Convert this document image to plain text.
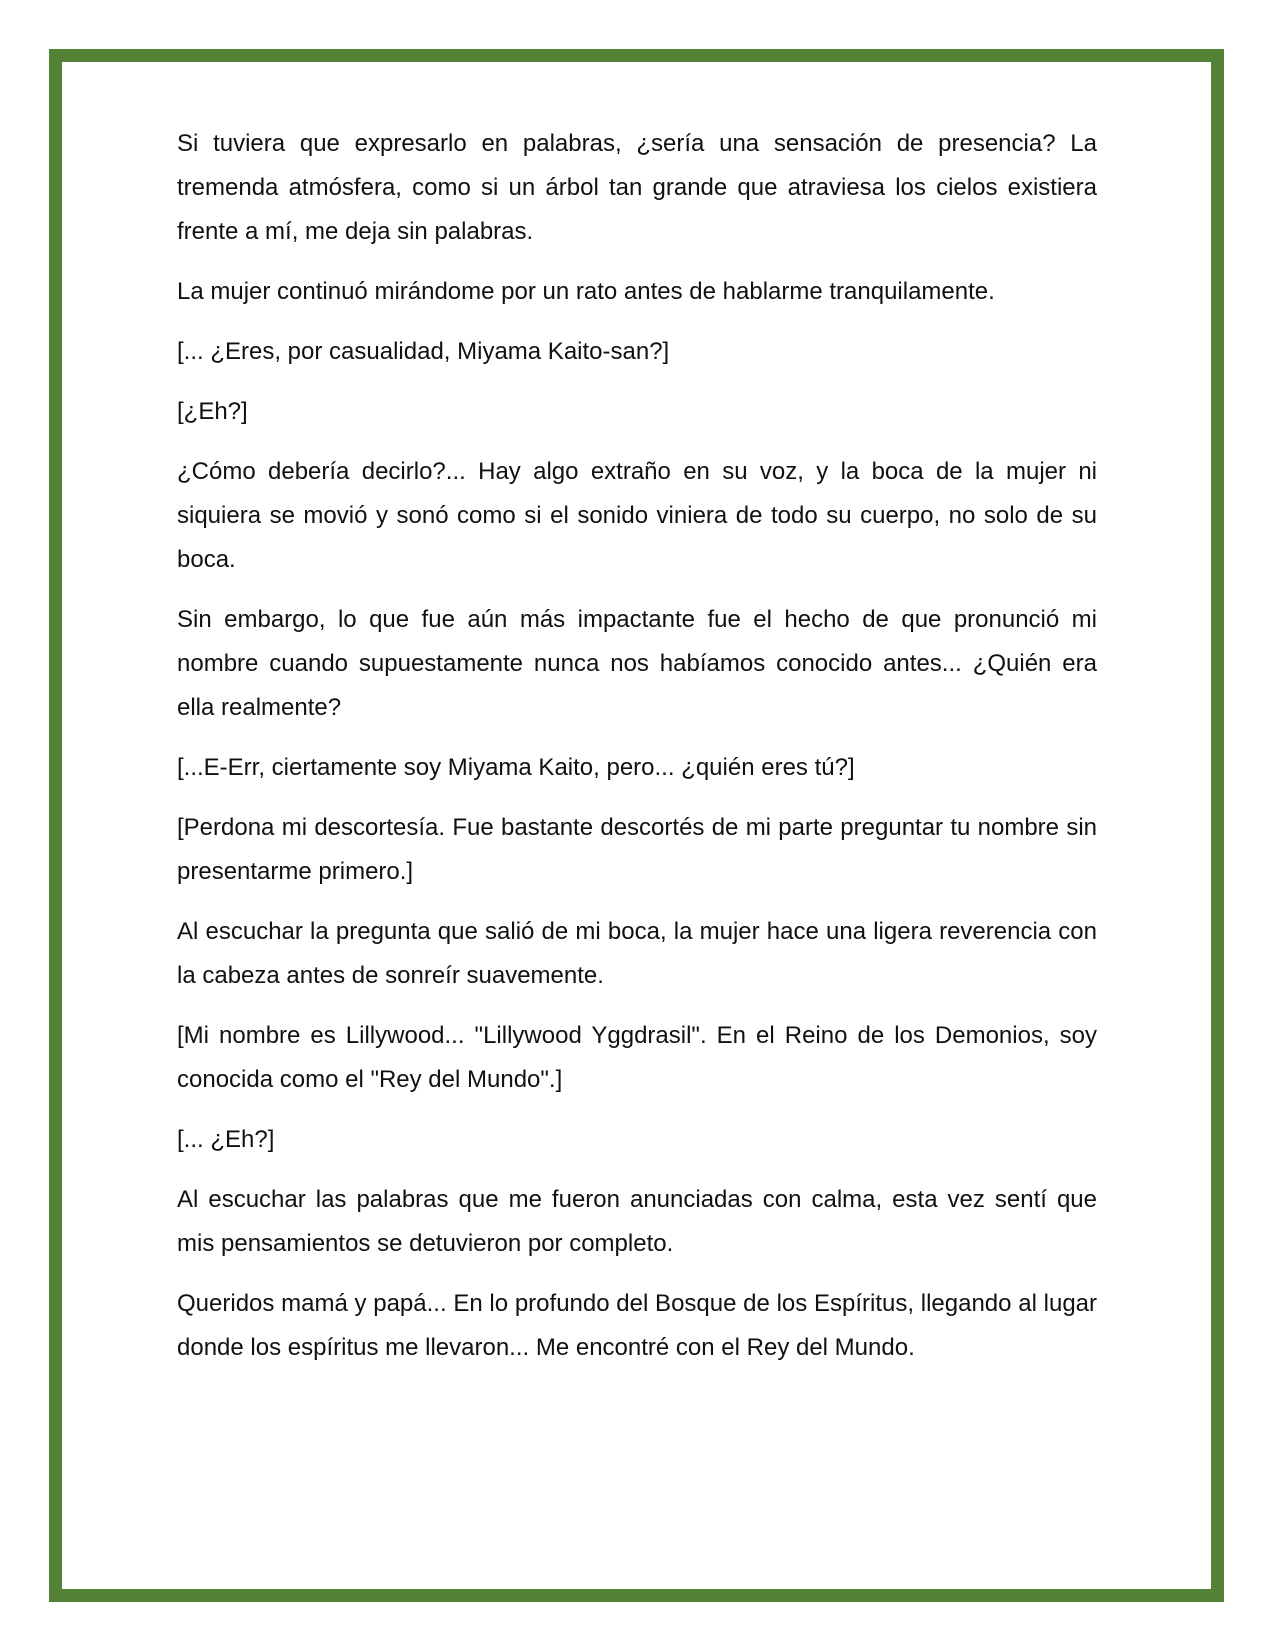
Si tuviera que expresarlo en palabras, ¿sería una sensación de presencia? La tremenda atmósfera, como si un árbol tan grande que atraviesa los cielos existiera frente a mí, me deja sin palabras.

La mujer continuó mirándome por un rato antes de hablarme tranquilamente.

[... ¿Eres, por casualidad, Miyama Kaito-san?]

[¿Eh?]

¿Cómo debería decirlo?... Hay algo extraño en su voz, y la boca de la mujer ni siquiera se movió y sonó como si el sonido viniera de todo su cuerpo, no solo de su boca.

Sin embargo, lo que fue aún más impactante fue el hecho de que pronunció mi nombre cuando supuestamente nunca nos habíamos conocido antes... ¿Quién era ella realmente?

[...E-Err, ciertamente soy Miyama Kaito, pero... ¿quién eres tú?]

[Perdona mi descortesía. Fue bastante descortés de mi parte preguntar tu nombre sin presentarme primero.]

Al escuchar la pregunta que salió de mi boca, la mujer hace una ligera reverencia con la cabeza antes de sonreír suavemente.

[Mi nombre es Lillywood... "Lillywood Yggdrasil". En el Reino de los Demonios, soy conocida como el "Rey del Mundo".]

[... ¿Eh?]

Al escuchar las palabras que me fueron anunciadas con calma, esta vez sentí que mis pensamientos se detuvieron por completo.

Queridos mamá y papá... En lo profundo del Bosque de los Espíritus, llegando al lugar donde los espíritus me llevaron... Me encontré con el Rey del Mundo.
